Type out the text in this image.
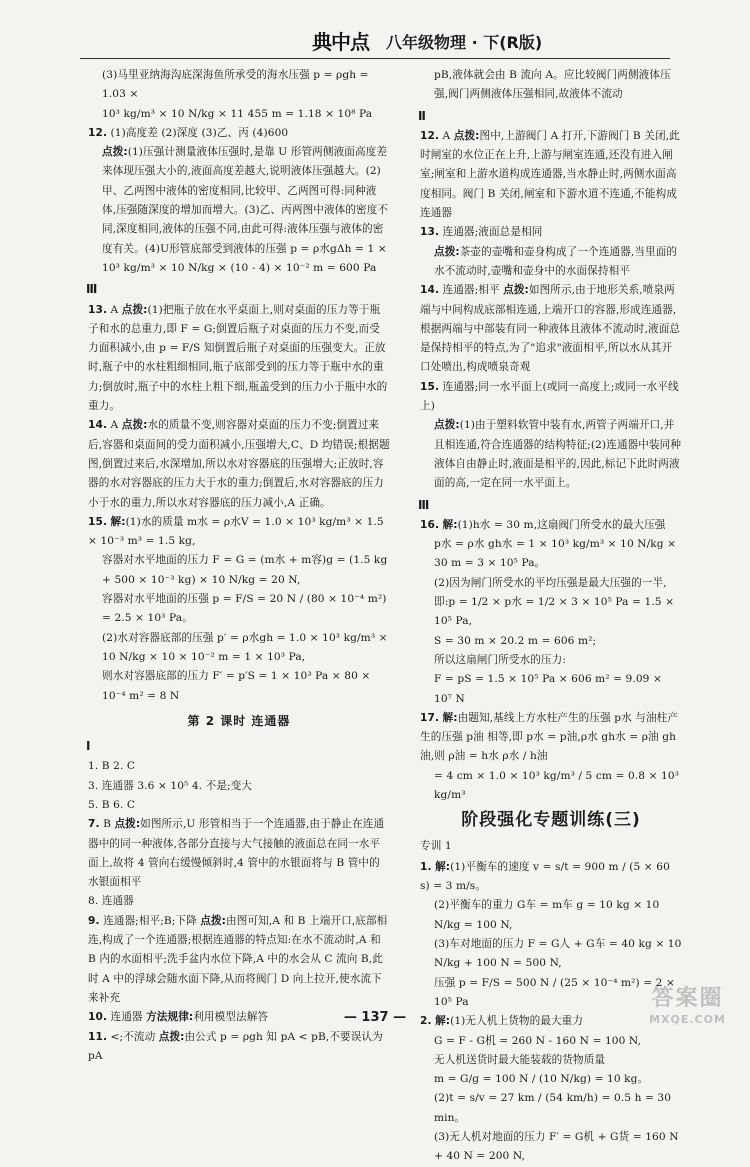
典中点	八年级物理 · 下(R版)
(3)马里亚纳海沟底深海鱼所承受的海水压强 p = ρgh = 1.03 ×
10³ kg/m³ × 10 N/kg × 11 455 m = 1.18 × 10⁸ Pa
12. (1)高度差 (2)深度 (3)乙、丙 (4)600
点拨:(1)压强计测量液体压强时,是靠 U 形管两侧液面高度差来体现压强大小的,液面高度差越大,说明液体压强越大。(2)甲、乙两图中液体的密度相同,比较甲、乙两图可得:同种液体,压强随深度的增加而增大。(3)乙、丙两图中液体的密度不同,深度相同,液体的压强不同,由此可得:液体压强与液体的密度有关。(4)U形管底部受到液体的压强 p = ρ水gΔh = 1 × 10³ kg/m³ × 10 N/kg × (10 - 4) × 10⁻² m = 600 Pa
Ⅲ
13. A 点拨:(1)把瓶子放在水平桌面上,则对桌面的压力等于瓶子和水的总重力,即 F = G;倒置后瓶子对桌面的压力不变,而受力面积减小,由 p = F/S 知倒置后瓶子对桌面的压强变大。正放时,瓶子中的水柱粗细相同,瓶子底部受到的压力等于瓶中水的重力;倒放时,瓶子中的水柱上粗下细,瓶盖受到的压力小于瓶中水的重力。
14. A 点拨:水的质量不变,则容器对桌面的压力不变;倒置过来后,容器和桌面间的受力面积减小,压强增大,C、D 均错误;根据题图,倒置过来后,水深增加,所以水对容器底的压强增大;正放时,容器的水对容器底的压力大于水的重力;倒置后,水对容器底的压力小于水的重力,所以水对容器底的压力减小,A 正确。
15. 解:(1)水的质量 m水 = ρ水V = 1.0 × 10³ kg/m³ × 1.5 × 10⁻³ m³ = 1.5 kg,
容器对水平地面的压力 F = G = (m水 + m容)g = (1.5 kg + 500 × 10⁻³ kg) × 10 N/kg = 20 N,
容器对水平地面的压强 p = F/S = 20 N / (80 × 10⁻⁴ m²) = 2.5 × 10³ Pa。
(2)水对容器底部的压强 p′ = ρ水gh = 1.0 × 10³ kg/m³ × 10 N/kg × 10 × 10⁻² m = 1 × 10³ Pa,
则水对容器底部的压力 F′ = p′S = 1 × 10³ Pa × 80 × 10⁻⁴ m² = 8 N
第 2 课时 连通器
Ⅰ
1. B 2. C
3. 连通器 3.6 × 10⁵ 4. 不是;变大
5. B 6. C
7. B 点拨:如图所示,U 形管相当于一个连通器,由于静止在连通器中的同一种液体,各部分直接与大气接触的液面总在同一水平面上,故将 4 管向右缓慢倾斜时,4 管中的水银面将与 B 管中的水银面相平
8. 连通器
9. 连通器;相平;B;下降 点拨:由图可知,A 和 B 上端开口,底部相连,构成了一个连通器;根据连通器的特点知:在水不流动时,A 和 B 内的水面相平;洗手盆内水位下降,A 中的水会从 C 流向 B,此时 A 中的浮球会随水面下降,从而将阀门 D 向上拉开,使水流下来补充
10. 连通器 方法规律:利用模型法解答
11. <;不流动 点拨:由公式 p = ρgh 知 pA < pB,不要误认为 pA
pB,液体就会由 B 流向 A。应比较阀门两侧液体压强,阀门两侧液体压强相同,故液体不流动
Ⅱ
12. A 点拨:图中,上游阀门 A 打开,下游阀门 B 关闭,此时闸室的水位正在上升,上游与闸室连通,还没有进入闸室;闸室和上游水道构成连通器,当水静止时,两侧水面高度相同。阀门 B 关闭,闸室和下游水道不连通,不能构成连通器
13. 连通器;液面总是相同
点拨:茶壶的壶嘴和壶身构成了一个连通器,当里面的水不流动时,壶嘴和壶身中的水面保持相平
14. 连通器;相平 点拨:如图所示,由于地形关系,喷泉两端与中间构成底部相连通,上端开口的容器,形成连通器,根据两端与中部装有同一种液体且液体不流动时,液面总是保持相平的特点,为了"追求"液面相平,所以水从其开口处喷出,构成喷泉奇观
15. 连通器;同一水平面上(或同一高度上;或同一水平线上)
点拨:(1)由于塑料软管中装有水,两管子两端开口,并且相连通,符合连通器的结构特征;(2)连通器中装同种液体自由静止时,液面是相平的,因此,标记下此时两液面的高,一定在同一水平面上。
Ⅲ
16. 解:(1)h水 = 30 m,这扇阀门所受水的最大压强
p水 = ρ水 gh水 = 1 × 10³ kg/m³ × 10 N/kg × 30 m = 3 × 10⁵ Pa。
(2)因为闸门所受水的平均压强是最大压强的一半,
即:p = 1/2 × p水 = 1/2 × 3 × 10⁵ Pa = 1.5 × 10⁵ Pa,
S = 30 m × 20.2 m = 606 m²;
所以这扇闸门所受水的压力:
F = pS = 1.5 × 10⁵ Pa × 606 m² = 9.09 × 10⁷ N
17. 解:由题知,基线上方水柱产生的压强 p水 与油柱产生的压强 p油 相等,即 p水 = p油,ρ水 gh水 = ρ油 gh油,则 ρ油 = h水 ρ水 / h油
= 4 cm × 1.0 × 10³ kg/m³ / 5 cm = 0.8 × 10³ kg/m³
阶段强化专题训练(三)
专训 1
1. 解:(1)平衡车的速度 v = s/t = 900 m / (5 × 60 s) = 3 m/s。
(2)平衡车的重力 G车 = m车 g = 10 kg × 10 N/kg = 100 N,
(3)车对地面的压力 F = G人 + G车 = 40 kg × 10 N/kg + 100 N = 500 N,
压强 p = F/S = 500 N / (25 × 10⁻⁴ m²) = 2 × 10⁵ Pa
2. 解:(1)无人机上货物的最大重力
G = F - G机 = 260 N - 160 N = 100 N,
无人机送货时最大能装载的货物质量
m = G/g = 100 N / (10 N/kg) = 10 kg。
(2)t = s/v = 27 km / (54 km/h) = 0.5 h = 30 min。
(3)无人机对地面的压力 F′ = G机 + G货 = 160 N + 40 N = 200 N,
— 137 —
答案圈
MXQE.COM
